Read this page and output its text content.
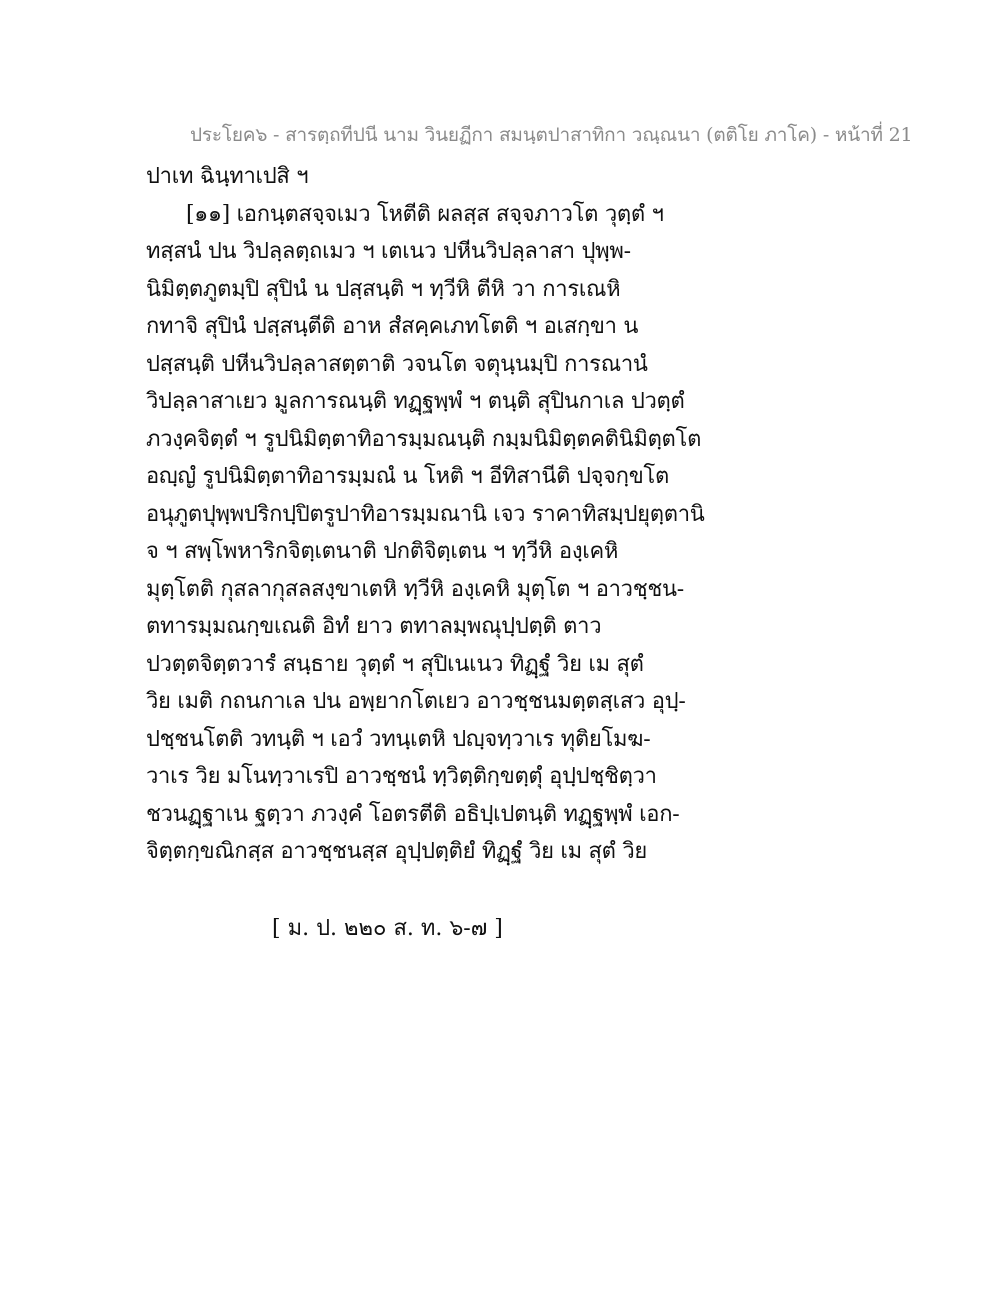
ประโยค๖ - สารตฺถทีปนี นาม วินยฏีกา สมนฺตปาสาทิกา วณฺณนา (ตติโย ภาโค) - หน้าที่ 21
ปาเท ฉินฺทาเปสิ ฯ
[๑๑] เอกนฺตสจฺจเมว โหตีติ ผลสฺส สจฺจภาวโต วุตฺตํ ฯ
ทสฺสนํ ปน วิปลฺลตฺถเมว ฯ เตเนว ปหีนวิปลฺลาสา ปุพฺพ-
นิมิตฺตภูตมฺปิ สุปินํ น ปสฺสนฺติ ฯ ทฺวีหิ ตีหิ วา การเณหิ
กทาจิ สุปินํ ปสฺสนฺตีติ อาห สํสคฺคเภทโตติ ฯ อเสกฺขา น
ปสฺสนฺติ ปหีนวิปลฺลาสตฺตาติ วจนโต จตุนฺนมฺปิ การณานํ
วิปลฺลาสาเยว มูลการณนฺติ ทฏฺฐพฺพํ ฯ ตนฺติ สุปินกาเล ปวตฺตํ
ภวงฺคจิตฺตํ ฯ รูปนิมิตฺตาทิอารมฺมณนฺติ กมฺมนิมิตฺตคตินิมิตฺตโต
อญฺญํ รูปนิมิตฺตาทิอารมฺมณํ น โหติ ฯ อีทิสานีติ ปจฺจกฺขโต
อนุภูตปุพฺพปริกปฺปิตรูปาทิอารมฺมณานิ เจว ราคาทิสมฺปยุตฺตานิ
จ ฯ สพฺโพหาริกจิตฺเตนาติ ปกติจิตฺเตน ฯ ทฺวีหิ องฺเคหิ
มุตฺโตติ กุสลากุสลสงฺขาเตหิ ทฺวีหิ องฺเคหิ มุตฺโต ฯ อาวชฺชน-
ตทารมฺมณกฺขเณติ อิทํ ยาว ตทาลมฺพณุปฺปตฺติ ตาว
ปวตฺตจิตฺตวารํ สนฺธาย วุตฺตํ ฯ สุปิเนเนว ทิฏฺฐํ วิย เม สุตํ
วิย เมติ กถนกาเล ปน อพฺยากโตเยว อาวชฺชนมตฺตสฺเสว อุปฺ-
ปชฺชนโตติ วทนฺติ ฯ เอวํ วทนฺเตหิ ปญฺจทฺวาเร ทุติยโมฆ-
วาเร วิย มโนทฺวาเรปิ อาวชฺชนํ ทฺวิตฺติกฺขตฺตุํ อุปฺปชฺชิตฺวา
ชวนฏฺฐาเน ฐตฺวา ภวงฺคํ โอตรตีติ อธิปฺเปตนฺติ ทฏฺฐพฺพํ เอก-
จิตฺตกฺขณิกสฺส อาวชฺชนสฺส อุปฺปตฺติยํ ทิฏฺฐํ วิย เม สุตํ วิย
[ ม. ป. ๒๒๐ ส. ท. ๖-๗ ]
